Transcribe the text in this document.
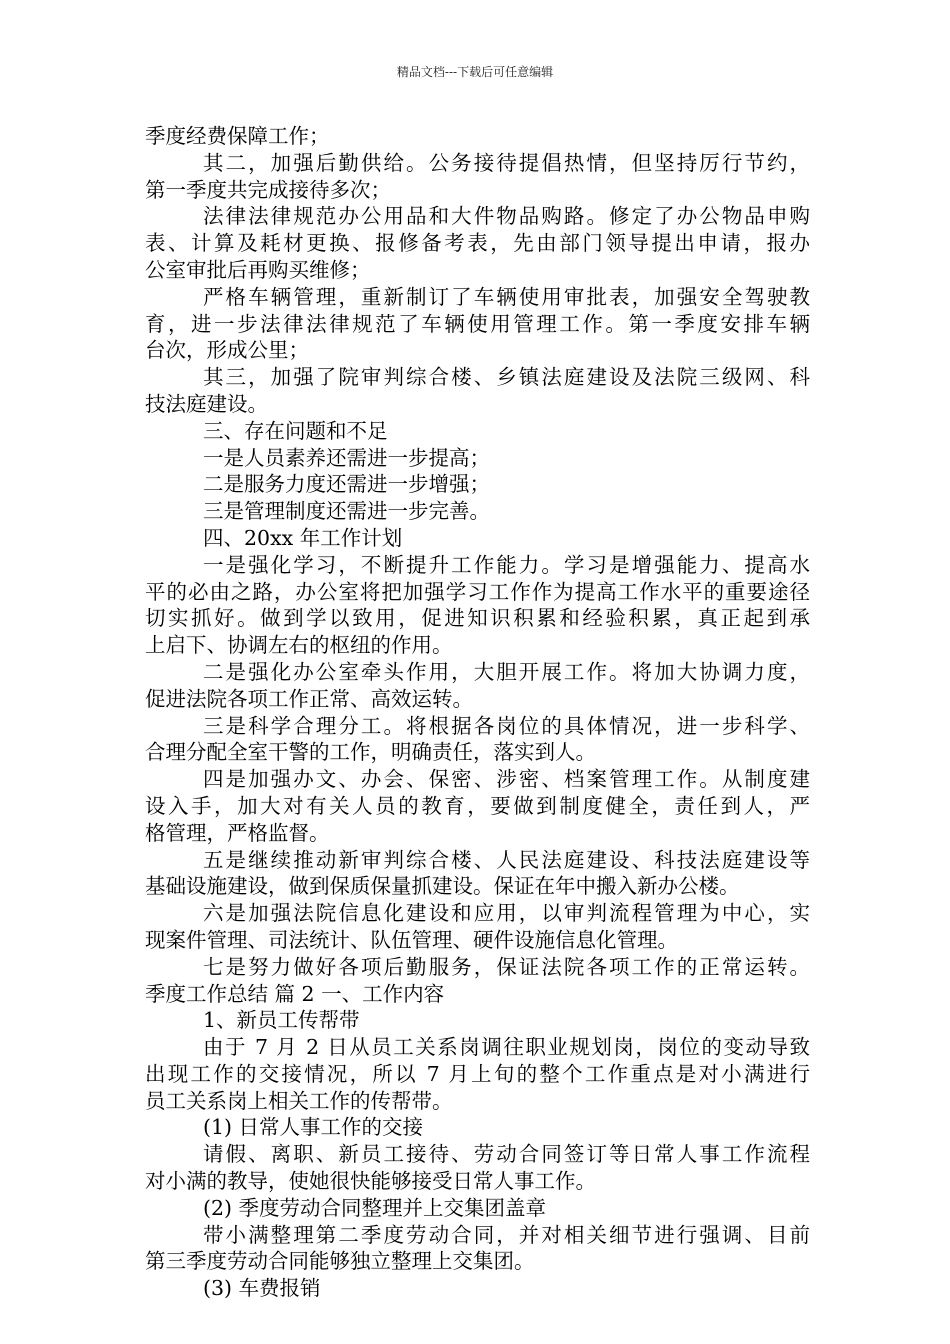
精品文档---下载后可任意编辑

季度经费保障工作；

其二，加强后勤供给。公务接待提倡热情，但坚持厉行节约，

第一季度共完成接待多次；

法律法律规范办公用品和大件物品购路。修定了办公物品申购

表、计算及耗材更换、报修备考表，先由部门领导提出申请，报办

公室审批后再购买维修；

严格车辆管理，重新制订了车辆使用审批表，加强安全驾驶教

育，进一步法律法律规范了车辆使用管理工作。第一季度安排车辆

台次，形成公里；

其三，加强了院审判综合楼、乡镇法庭建设及法院三级网、科

技法庭建设。

三、存在问题和不足

一是人员素养还需进一步提高；

二是服务力度还需进一步增强；

三是管理制度还需进一步完善。

四、20xx 年工作计划

一是强化学习，不断提升工作能力。学习是增强能力、提高水

平的必由之路，办公室将把加强学习工作作为提高工作水平的重要途径

切实抓好。做到学以致用，促进知识积累和经验积累，真正起到承

上启下、协调左右的枢纽的作用。

二是强化办公室牵头作用，大胆开展工作。将加大协调力度，

促进法院各项工作正常、高效运转。

三是科学合理分工。将根据各岗位的具体情况，进一步科学、

合理分配全室干警的工作，明确责任，落实到人。

四是加强办文、办会、保密、涉密、档案管理工作。从制度建

设入手，加大对有关人员的教育，要做到制度健全，责任到人，严

格管理，严格监督。

五是继续推动新审判综合楼、人民法庭建设、科技法庭建设等

基础设施建设，做到保质保量抓建设。保证在年中搬入新办公楼。

六是加强法院信息化建设和应用，以审判流程管理为中心，实

现案件管理、司法统计、队伍管理、硬件设施信息化管理。

七是努力做好各项后勤服务，保证法院各项工作的正常运转。

季度工作总结 篇 2 一、工作内容

1、新员工传帮带

由于 7 月 2 日从员工关系岗调往职业规划岗，岗位的变动导致

出现工作的交接情况，所以 7 月上旬的整个工作重点是对小满进行

员工关系岗上相关工作的传帮带。

(1) 日常人事工作的交接

请假、离职、新员工接待、劳动合同签订等日常人事工作流程

对小满的教导，使她很快能够接受日常人事工作。

(2) 季度劳动合同整理并上交集团盖章

带小满整理第二季度劳动合同，并对相关细节进行强调、目前

第三季度劳动合同能够独立整理上交集团。

(3) 车费报销
